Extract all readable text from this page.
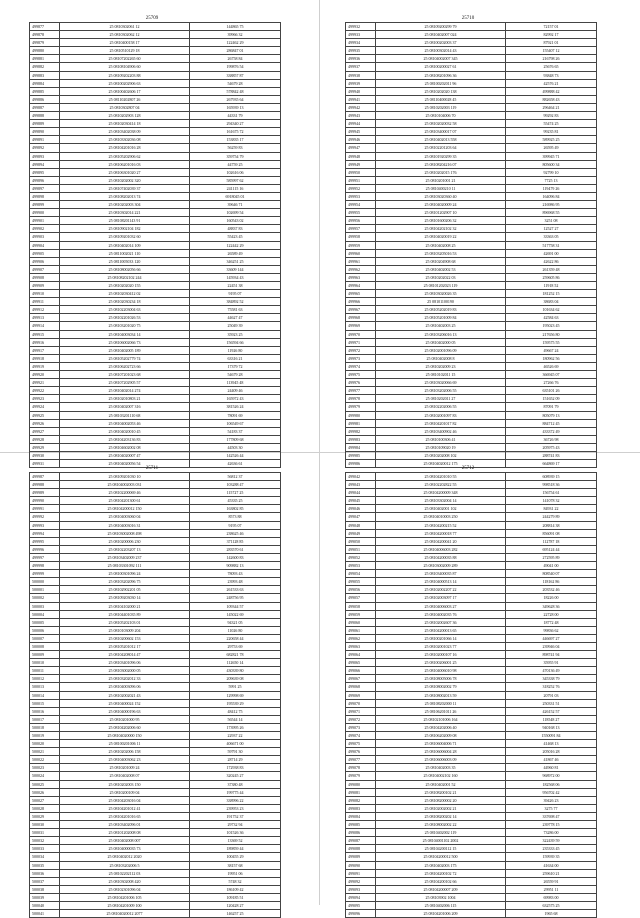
25709
499877	25 0810302061 12	144865 75
499878	25 0810302062 12	39966 32
499879	25 0810400158 17	122462 29
499880	25 0810510129 18	286847 01
499881	25 08107202265 60	26758 84
499882	25 08108104906 60	199876 54
499883	25 08109202203 88	338857 87
499884	25 08100202906 63	54679 28
499885	25 08100402606 17	578842 48
499886	25 08110202807 26	267935 64
499887	25 0810302807 04	165939 13
499888	25 0810202903 128	44331 79
499889	25 08102030414 18	294340 27
499890	25 08103402038 09	161675 72
499891	25 08103302036 08	153835 17
499892	25 08104201016 28	56259 83
499893	25 08105202906 62	359754 79
499894	25 08106201016 03	44759 25
499895	25 08106301020 27	102616 06
499896	25 0810202002 320	585997 62
499897	25 08107402039 37	241115 16
499898	25 08108202013 74	6918045 01
499899	25 0810202003 304	39646 71
499900	25 0810302014 221	102699 54
499901	25 08108201143 91	160543 02
499902	25 0810902104 182	48837 83
499903	25 08109201032 60	55423 45
499904	25 0810402014 109	122442 29
499905	25 0811002021 110	26589 49
499906	25 0811005033 120	346251 25
499907	25 08108002056 66	33609 144
499908	25 08108202102 244	145934 43
499909	25 0810202020 155	22451 38
499910	25 08102030412 02	9195 07
499911	25 08102030234 18	384892 52
499912	25 08102203004 63	75581 63
499913	25 08102201026 53	44627 47
499914	25 08103201020 75	25049 39
499915	25 08104003034 14	35923 25
499916	25 08106002066 73	156594 66
499917	25 0810402005 189	11926 80
499918	25 08105202779 74	63316 21
499919	25 08106202723 66	17379 72
499920	25 08107201023 68	54679 28
499921	25 08107202905 57	113945 48
499922	25 0810402014 274	24409 46
499923	25 08102010803 21	165972 43
499924	25 0810402007 316	381526 24
499925	25 08103201110 68	78091 69
499926	25 08104002053 46	106549 67
499927	25 08104020010 45	54183 37
499928	25 08104203136 83	177809 68
499929	25 08104602002 08	44503 30
499930	25 08104020007 47	142526 44
499931	25 08104020056 54	42636 61
25710
499932	25 08109200299 79	72157 01
499933	25 0810402007 024	82992 17
499934	25 08100202003 37	87921 01
499935	25 08100302014 43	155407 12
499936	25 08104002007 345	216798 26
499937	25 08100200027 61	25676 65
499938	25 08108201096 36	93848 73
499939	25 08100202011 96	42576 21
499940	25 0810202020 138	499888 42
499941	25 08110400028 45	882658 43
499942	25 0810202003 119	296464 21
499943	25 0810104006 70	99292 83
499944	25 08102020032 58	55474 25
499945	25 08103400017 07	99235 81
499946	25 0810402013 558	589925 25
499947	25 08102201203 64	26595 49
499948	25 08101920299 35	399945 71
499949	25 08108204216 07	805600 34
499950	25 0810202015 176	92799 10
499951	25 0810201001 21	7725 13
499952	25 0810400210 11	119479 26
499953	25 08103020360 40	164096 84
499954	25 08104020009 24	216986 95
499955	25 08101202907 10	896968 55
499956	25 08101600206 32	3251 08
499957	25 08104202102 32	12527 27
499958	25 08104020019 22	33363 05
499959	25 0810402008 25	517758 31
499960	25 08103205016 53	42691 00
499961	25 0810204908 68	42622 86
499962	25 0810402002 53	261359 48
499963	25 0810202022 03	259605 86
499964	25 08101202023 119	11918 52
499965	25 08103020026 35	181252 15
499966	25 08101100190	38683 04
499967	25 08105202019 83	101634 62
499968	25 08105201009 84	42584 63
499969	25 0810402003 25	195023 45
499970	25 08103206016 13	217656 80
499971	25 0810402000 05	159575 55
499972	25 08102001096 09	49667 24
499973	25 0810402008 8	180962 56
499974	25 0810202009 23	46526 69
499975	25 0810102011 15	366945 07
499976	25 08103020066 69	27266 76
499977	25 08103202006 55	635101 26
499978	25 0810202011 27	151652 09
499979	25 08102202006 55	87091 79
499980	25 08102001097 83	805079 13
499981	25 08104201017 82	884712 45
499982	25 08103400902 46	433372 49
499983	25 0810100306 41	36726 98
499984	25 0810109020 19	205975 43
499985	25 0810202008 102	288741 83
499986	25 08104020012 175	664869 17
25711
499987	25 08109201030 10	56812 37
499988	25 08104002003 031	103288 47
499989	25 08102200069 46	115727 25
499990	25 08104201300 61	45335 25
499991	25 08104200012 150	163802 85
499992	25 08104003060 04	8573 88
499993	25 08104003016 31	9195 07
499994	25 08103002008 498	238625 46
499995	25 0810200006 230	371128 85
499996	25 08102203207 13	283570 61
499997	25 08103402009 237	142600 83
499998	25 08103301092 111	909882 13
499999	25 08100301096 24	78093 43
500000	25 08103202096 75	23993 48
500001	25 08102902201 05	261533 63
500002	25 08109203030 14	248756 95
500003	25 08104102000 21	109344 57
500004	25 08104401035 89	145022 69
500005	25 08105202103 01	94321 05
500006	25 0810103009 204	11026 80
500007	25 0810200602 153	220658 44
500008	25 08105201012 17	29753 69
500009	25 08104208014 47	682821 78
500010	25 08103401096 06	112650 14
500011	25 08103002000 05	430339 80
500012	25 08103202012 33	209639 08
500013	25 08104003096 06	5991 25
500014	25 08102002021 43	129998 69
500015	25 0810400024 152	195539 29
500016	25 08104000196 63	48412 75
500017	25 0810201000 95	56544 14
500018	25 08104202006 60	173995 26
500019	25 08104020000 150	22937 22
500020	25 08100201006 11	406671 00
500021	25 0810202006 158	59791 30
500022	25 08104003062 23	28714 29
500023	25 0810201009 24	172938 83
500024	25 0810402008 07	320245 27
500025	25 0810202003 150	37380 48
500026	25 0810200109 04	199775 44
500027	25 08104203016 04	338996 22
500028	25 08104201012 41	239953 23
500029	25 08104201016 65	191752 37
500030	25 08103402096 01	29732 94
500031	25 08101202008 08	101526 36
500032	25 0810402008 007	13369 52
500033	25 08104000035 73	189859 44
500034	25 0810402012 2020	100455 29
500035	25 08103202006 5	38157 68
500036	25 08102202112 03	19951 06
500037	25 0810302008 420	5748 32
500038	25 08102301096 04	186109 42
500039	25 08104201006 105	109185 51
500040	25 08104201009 100	120428 27
500041	25 08104020012 2077	146257 25
25712
499042	25 08104201010 55	608939 15
499043	25 08102202822 55	998518 36
499044	25 08104200009 348	156754 61
499045	25 08103302004 14	141078 32
499046	25 0810402001 102	84931 22
499047	25 08104010003 250	244279 89
499048	25 08104200215 52	208814 38
499049	25 08104200018 77	856091 08
499050	25 08104200041 20	112787 18
499051	25 08104006003 282	695124 44
499052	25 08104200035 88	272595 89
499053	25 08103002009 289	49041 00
499054	25 08103400035 87	808540 07
499055	25 08104000513 14	118162 86
499056	25 08102002207 22	203532 46
499057	25 08102003097 17	18226 00
499058	25 08104006003 27	349628 36
499059	25 08104002035 76	22728 00
499060	25 08102002607 36	18772 48
499061	25 08104200013 65	99836 62
499062	25 08100201066 14	446697 27
499063	25 08102001023 77	239946 04
499064	25 08102000107 16	898741 94
499065	25 08100206001 25	35955 91
499066	25 08104006010 98	470136 49
499067	25 08108005006 78	345338 79
499068	25 08108002002 79	318252 76
499069	25 08108002013 59	20791 03
499070	25 08108202000 11	250331 51
499071	25 08106201011 26	426152 57
499072	25 08102101006 164	118548 27
499073	25 08104202006 40	940168 13
499074	25 08106202009 08	1550091 84
499075	25 08106004006 71	41468 13
499076	25 08106006004 28	205016 28
499077	25 08106006003 09	41867 46
499078	25 0810402003 35	44960 81
499079	25 08104002102 160	968972 00
499080	25 0810402001 52	182568 06
499081	25 08108200102 21	956702 42
499082	25 08108200002 20	39426 23
499083	25 08102002002 21	3275 77
499084	25 08108200202 14	337698 47
499085	25 08108002002 22	239778 15
499086	25 0810402002 119	73286 00
499087	25 08104001102 2002	322439 59
499088	25 08104200112 15	235333 45
499089	25 08104200012 500	159939 35
499090	25 0810402003 175	41634 00
499091	25 08104200102 72	259610 21
499092	25 08104200102 66	26559 91
499093	25 08104200007 209	29951 11
499094	25 08103902 1004	69983 00
499095	25 0810402006 115	632575 25
499096	25 08104201006 209	1965 68
